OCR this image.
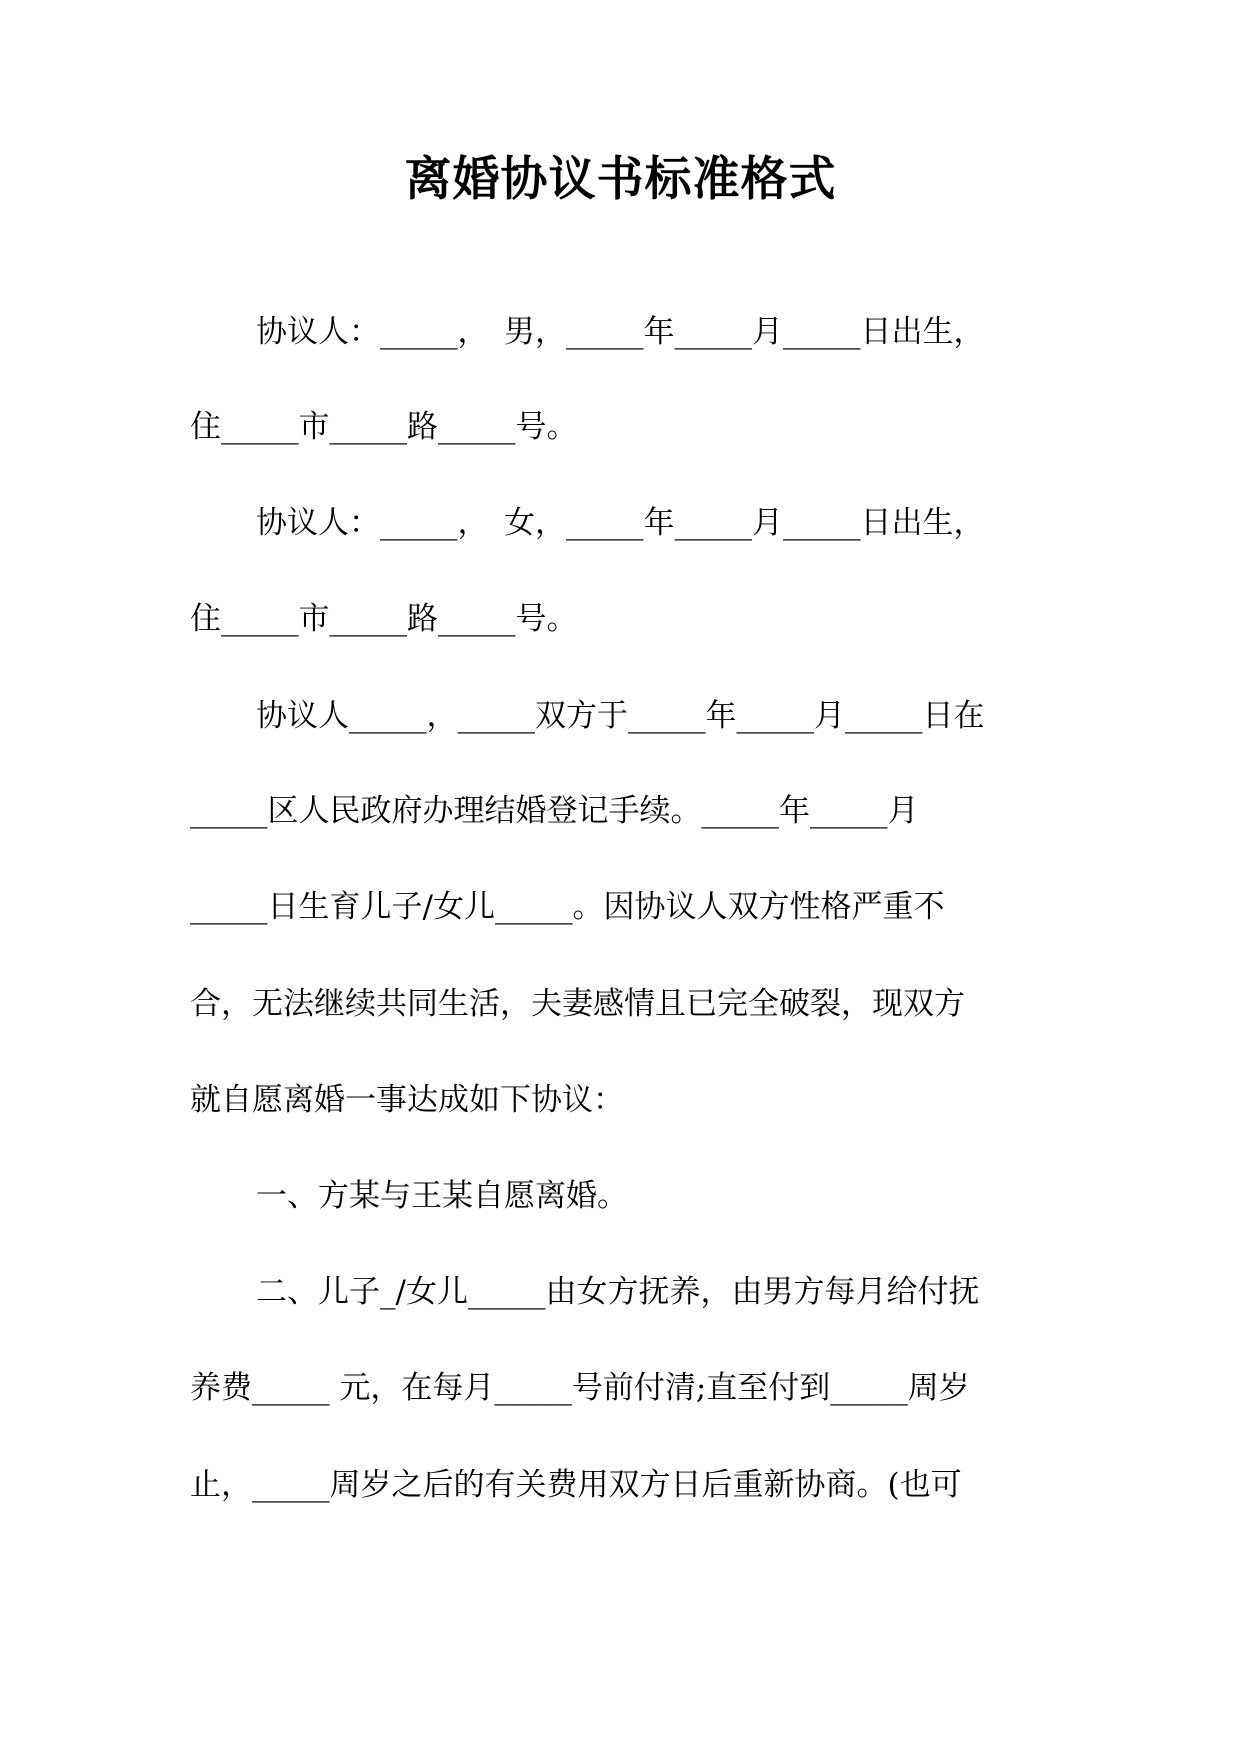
离婚协议书标准格式
协议人：_____，　男，_____年_____月_____日出生，
住_____市_____路_____号。
协议人：_____，　女，_____年_____月_____日出生，
住_____市_____路_____号。
协议人_____，_____双方于_____年_____月_____日在
_____区人民政府办理结婚登记手续。_____年_____月
_____日生育儿子/女儿_____。因协议人双方性格严重不
合，无法继续共同生活，夫妻感情且已完全破裂，现双方
就自愿离婚一事达成如下协议：
一、方某与王某自愿离婚。
二、儿子_/女儿_____由女方抚养，由男方每月给付抚
养费_____ 元，在每月_____号前付清;直至付到_____周岁
止，_____周岁之后的有关费用双方日后重新协商。(也可
